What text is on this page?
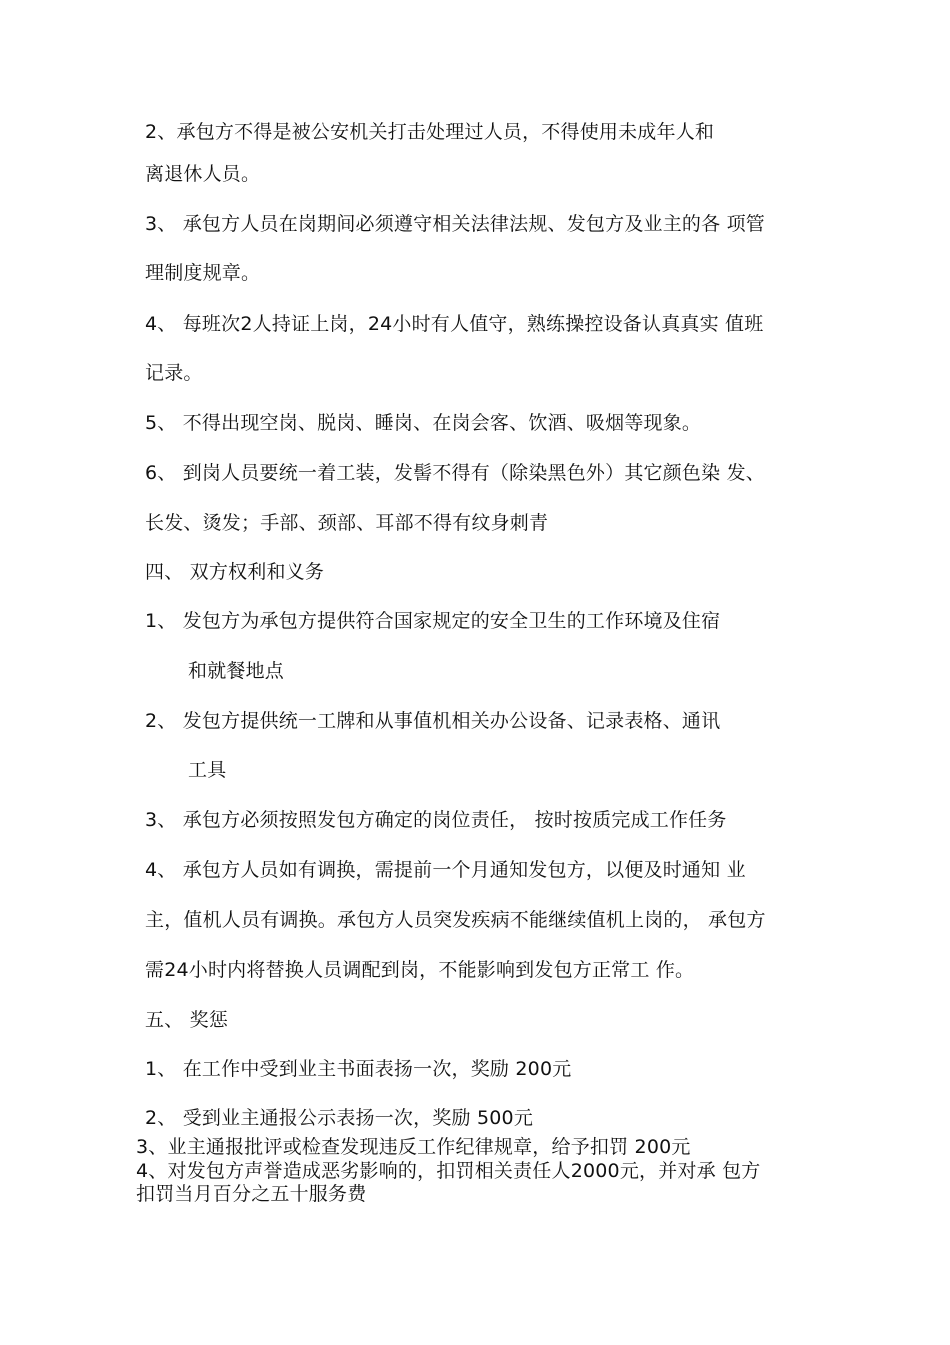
2、承包方不得是被公安机关打击处理过人员，不得使用未成年人和
离退休人员。
3、 承包方人员在岗期间必须遵守相关法律法规、发包方及业主的各 项管
理制度规章。
4、 每班次2人持证上岗，24小时有人值守，熟练操控设备认真真实 值班
记录。
5、 不得出现空岗、脱岗、睡岗、在岗会客、饮酒、吸烟等现象。
6、 到岗人员要统一着工装，发髻不得有（除染黑色外）其它颜色染 发、
长发、烫发；手部、颈部、耳部不得有纹身刺青
四、 双方权利和义务
1、 发包方为承包方提供符合国家规定的安全卫生的工作环境及住宿
和就餐地点
2、 发包方提供统一工牌和从事值机相关办公设备、记录表格、通讯
工具
3、 承包方必须按照发包方确定的岗位责任， 按时按质完成工作任务
4、 承包方人员如有调换，需提前一个月通知发包方，以便及时通知 业
主，值机人员有调换。承包方人员突发疾病不能继续值机上岗的， 承包方
需24小时内将替换人员调配到岗，不能影响到发包方正常工 作。
五、 奖惩
1、 在工作中受到业主书面表扬一次，奖励 200元
2、 受到业主通报公示表扬一次，奖励 500元
3、业主通报批评或检查发现违反工作纪律规章，给予扣罚 200元
4、对发包方声誉造成恶劣影响的，扣罚相关责任人2000元，并对承 包方
扣罚当月百分之五十服务费
